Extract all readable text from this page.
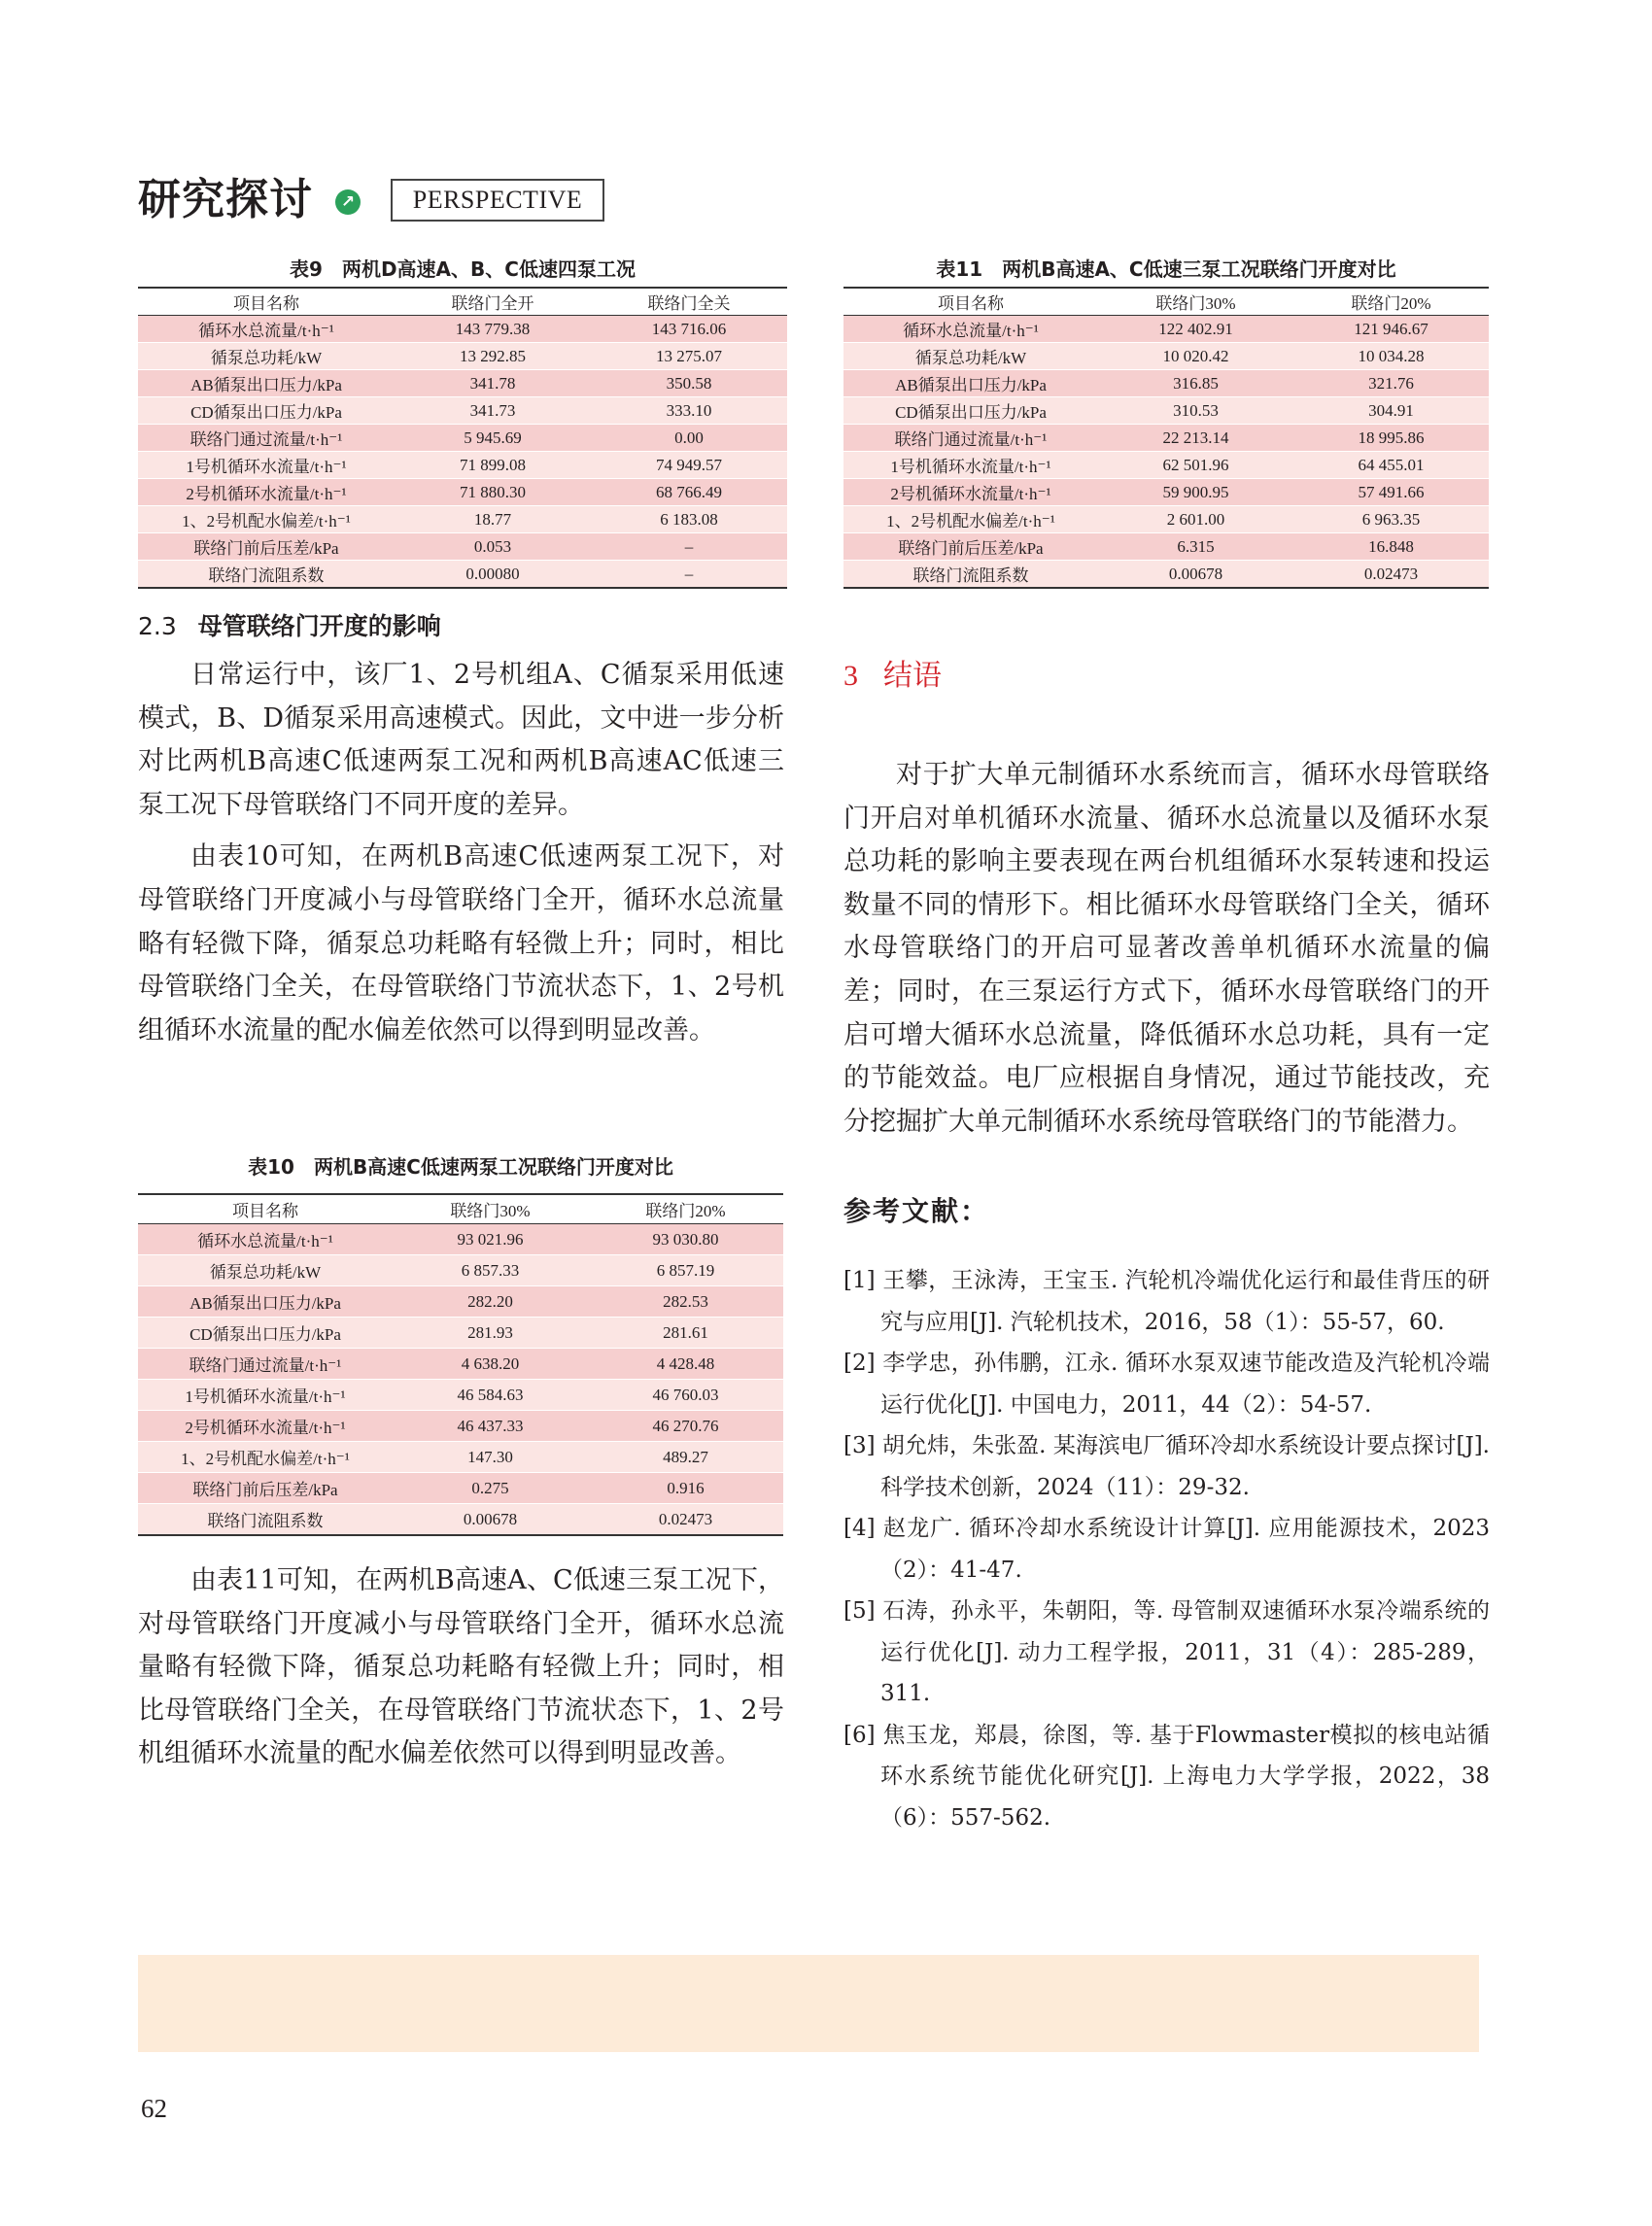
研究探讨	↗	PERSPECTIVE
表9　两机D高速A、B、C低速四泵工况
项目名称	联络门全开	联络门全关
循环水总流量/t·h⁻¹	143 779.38	143 716.06
循泵总功耗/kW	13 292.85	13 275.07
AB循泵出口压力/kPa	341.78	350.58
CD循泵出口压力/kPa	341.73	333.10
联络门通过流量/t·h⁻¹	5 945.69	0.00
1号机循环水流量/t·h⁻¹	71 899.08	74 949.57
2号机循环水流量/t·h⁻¹	71 880.30	68 766.49
1、2号机配水偏差/t·h⁻¹	18.77	6 183.08
联络门前后压差/kPa	0.053	–
联络门流阻系数	0.00080	–
表11　两机B高速A、C低速三泵工况联络门开度对比
项目名称	联络门30%	联络门20%
循环水总流量/t·h⁻¹	122 402.91	121 946.67
循泵总功耗/kW	10 020.42	10 034.28
AB循泵出口压力/kPa	316.85	321.76
CD循泵出口压力/kPa	310.53	304.91
联络门通过流量/t·h⁻¹	22 213.14	18 995.86
1号机循环水流量/t·h⁻¹	62 501.96	64 455.01
2号机循环水流量/t·h⁻¹	59 900.95	57 491.66
1、2号机配水偏差/t·h⁻¹	2 601.00	6 963.35
联络门前后压差/kPa	6.315	16.848
联络门流阻系数	0.00678	0.02473
2.3 母管联络门开度的影响

日常运行中，该厂1、2号机组A、C循泵采用低速模式，B、D循泵采用高速模式。因此，文中进一步分析对比两机B高速C低速两泵工况和两机B高速AC低速三泵工况下母管联络门不同开度的差异。

由表10可知，在两机B高速C低速两泵工况下，对母管联络门开度减小与母管联络门全开，循环水总流量略有轻微下降，循泵总功耗略有轻微上升；同时，相比母管联络门全关，在母管联络门节流状态下，1、2号机组循环水流量的配水偏差依然可以得到明显改善。

表10　两机B高速C低速两泵工况联络门开度对比
项目名称	联络门30%	联络门20%
循环水总流量/t·h⁻¹	93 021.96	93 030.80
循泵总功耗/kW	6 857.33	6 857.19
AB循泵出口压力/kPa	282.20	282.53
CD循泵出口压力/kPa	281.93	281.61
联络门通过流量/t·h⁻¹	4 638.20	4 428.48
1号机循环水流量/t·h⁻¹	46 584.63	46 760.03
2号机循环水流量/t·h⁻¹	46 437.33	46 270.76
1、2号机配水偏差/t·h⁻¹	147.30	489.27
联络门前后压差/kPa	0.275	0.916
联络门流阻系数	0.00678	0.02473

由表11可知，在两机B高速A、C低速三泵工况下，对母管联络门开度减小与母管联络门全开，循环水总流量略有轻微下降，循泵总功耗略有轻微上升；同时，相比母管联络门全关，在母管联络门节流状态下，1、2号机组循环水流量的配水偏差依然可以得到明显改善。

3 结语

对于扩大单元制循环水系统而言，循环水母管联络门开启对单机循环水流量、循环水总流量以及循环水泵总功耗的影响主要表现在两台机组循环水泵转速和投运数量不同的情形下。相比循环水母管联络门全关，循环水母管联络门的开启可显著改善单机循环水流量的偏差；同时，在三泵运行方式下，循环水母管联络门的开启可增大循环水总流量，降低循环水总功耗，具有一定的节能效益。电厂应根据自身情况，通过节能技改，充分挖掘扩大单元制循环水系统母管联络门的节能潜力。

参考文献：

[1] 王攀，王泳涛，王宝玉. 汽轮机冷端优化运行和最佳背压的研究与应用[J]. 汽轮机技术，2016，58（1）：55-57，60.

[2] 李学忠，孙伟鹏，江永. 循环水泵双速节能改造及汽轮机冷端运行优化[J]. 中国电力，2011，44（2）：54-57.

[3] 胡允炜，朱张盈. 某海滨电厂循环冷却水系统设计要点探讨[J]. 科学技术创新，2024（11）：29-32.

[4] 赵龙广. 循环冷却水系统设计计算[J]. 应用能源技术，2023（2）：41-47.

[5] 石涛，孙永平，朱朝阳，等. 母管制双速循环水泵冷端系统的运行优化[J]. 动力工程学报，2011，31（4）：285-289，311.

[6] 焦玉龙，郑晨，徐图，等. 基于Flowmaster模拟的核电站循环水系统节能优化研究[J]. 上海电力大学学报，2022，38（6）：557-562.

62
